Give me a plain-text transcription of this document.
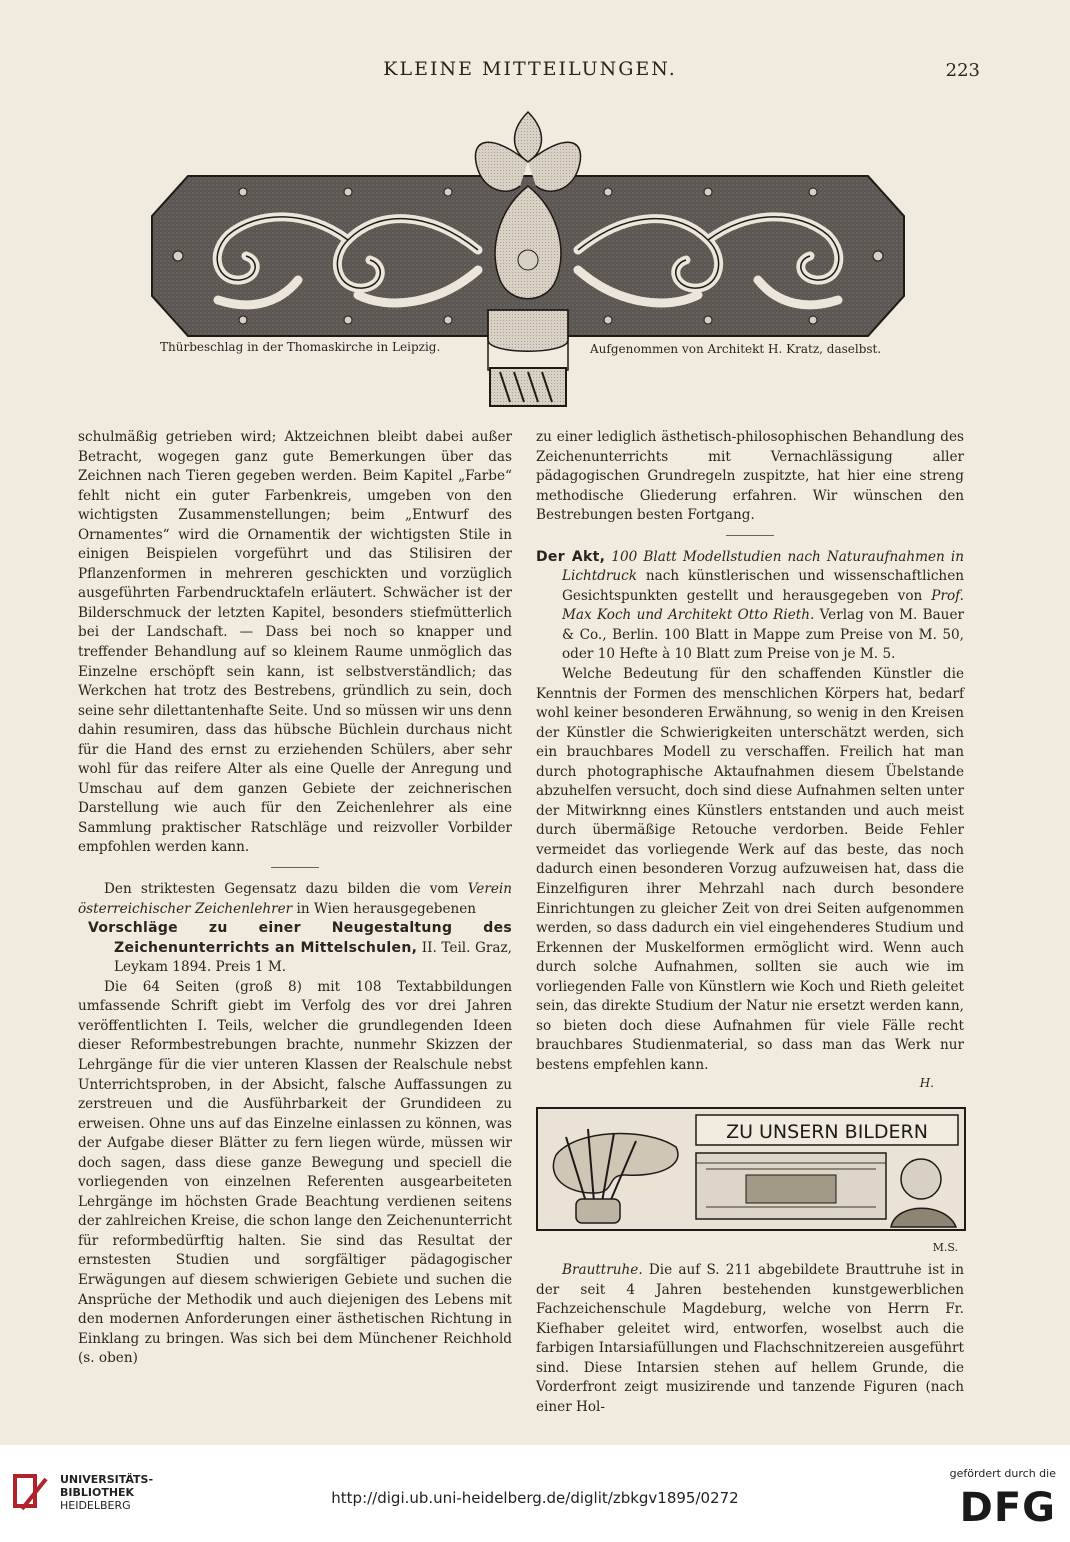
KLEINE MITTEILUNGEN.	223
Thürbeschlag in der Thomaskirche in Leipzig.	Aufgenommen von Architekt H. Kratz, daselbst.

schulmäßig getrieben wird; Aktzeichnen bleibt dabei außer Betracht, wogegen ganz gute Bemerkungen über das Zeichnen nach Tieren gegeben werden. Beim Kapitel „Farbe“ fehlt nicht ein guter Farbenkreis, umgeben von den wichtigsten Zusammenstellungen; beim „Entwurf des Ornamentes“ wird die Ornamentik der wichtigsten Stile in einigen Beispielen vorgeführt und das Stilisiren der Pflanzenformen in mehreren geschickten und vorzüglich ausgeführten Farbendrucktafeln erläutert. Schwächer ist der Bilderschmuck der letzten Kapitel, besonders stiefmütterlich bei der Landschaft. — Dass bei noch so knapper und treffender Behandlung auf so kleinem Raume unmöglich das Einzelne erschöpft sein kann, ist selbstverständlich; das Werkchen hat trotz des Bestrebens, gründlich zu sein, doch seine sehr dilettantenhafte Seite. Und so müssen wir uns denn dahin resumiren, dass das hübsche Büchlein durchaus nicht für die Hand des ernst zu erziehenden Schülers, aber sehr wohl für das reifere Alter als eine Quelle der Anregung und Umschau auf dem ganzen Gebiete der zeichnerischen Darstellung wie auch für den Zeichenlehrer als eine Sammlung praktischer Ratschläge und reizvoller Vorbilder empfohlen werden kann.

Den striktesten Gegensatz dazu bilden die vom Verein österreichischer Zeichenlehrer in Wien herausgegebenen

Vorschläge zu einer Neugestaltung des Zeichenunterrichts an Mittelschulen, II. Teil. Graz, Leykam 1894. Preis 1 M.

Die 64 Seiten (groß 8) mit 108 Textabbildungen umfassende Schrift giebt im Verfolg des vor drei Jahren veröffentlichten I. Teils, welcher die grundlegenden Ideen dieser Reformbestrebungen brachte, nunmehr Skizzen der Lehrgänge für die vier unteren Klassen der Realschule nebst Unterrichtsproben, in der Absicht, falsche Auffassungen zu zerstreuen und die Ausführbarkeit der Grundideen zu erweisen. Ohne uns auf das Einzelne einlassen zu können, was der Aufgabe dieser Blätter zu fern liegen würde, müssen wir doch sagen, dass diese ganze Bewegung und speciell die vorliegenden von einzelnen Referenten ausgearbeiteten Lehrgänge im höchsten Grade Beachtung verdienen seitens der zahlreichen Kreise, die schon lange den Zeichenunterricht für reformbedürftig halten. Sie sind das Resultat der ernstesten Studien und sorgfältiger pädagogischer Erwägungen auf diesem schwierigen Gebiete und suchen die Ansprüche der Methodik und auch diejenigen des Lebens mit den modernen Anforderungen einer ästhetischen Richtung in Einklang zu bringen. Was sich bei dem Münchener Reichhold (s. oben)

zu einer lediglich ästhetisch-philosophischen Behandlung des Zeichenunterrichts mit Vernachlässigung aller pädagogischen Grundregeln zuspitzte, hat hier eine streng methodische Gliederung erfahren. Wir wünschen den Bestrebungen besten Fortgang.

Der Akt, 100 Blatt Modellstudien nach Naturaufnahmen in Lichtdruck nach künstlerischen und wissenschaftlichen Gesichtspunkten gestellt und herausgegeben von Prof. Max Koch und Architekt Otto Rieth. Verlag von M. Bauer & Co., Berlin. 100 Blatt in Mappe zum Preise von M. 50, oder 10 Hefte à 10 Blatt zum Preise von je M. 5.

Welche Bedeutung für den schaffenden Künstler die Kenntnis der Formen des menschlichen Körpers hat, bedarf wohl keiner besonderen Erwähnung, so wenig in den Kreisen der Künstler die Schwierigkeiten unterschätzt werden, sich ein brauchbares Modell zu verschaffen. Freilich hat man durch photographische Aktaufnahmen diesem Übelstande abzuhelfen versucht, doch sind diese Aufnahmen selten unter der Mitwirknng eines Künstlers entstanden und auch meist durch übermäßige Retouche verdorben. Beide Fehler vermeidet das vorliegende Werk auf das beste, das noch dadurch einen besonderen Vorzug aufzuweisen hat, dass die Einzelfiguren ihrer Mehrzahl nach durch besondere Einrichtungen zu gleicher Zeit von drei Seiten aufgenommen werden, so dass dadurch ein viel eingehenderes Studium und Erkennen der Muskelformen ermöglicht wird. Wenn auch durch solche Aufnahmen, sollten sie auch wie im vorliegenden Falle von Künstlern wie Koch und Rieth geleitet sein, das direkte Studium der Natur nie ersetzt werden kann, so bieten doch diese Aufnahmen für viele Fälle recht brauchbares Studienmaterial, so dass man das Werk nur bestens empfehlen kann.

H.

ZU UNSERN BILDERN
M.S.

Brauttruhe. Die auf S. 211 abgebildete Brauttruhe ist in der seit 4 Jahren bestehenden kunstgewerblichen Fachzeichenschule Magdeburg, welche von Herrn Fr. Kiefhaber geleitet wird, entworfen, woselbst auch die farbigen Intarsiafüllungen und Flachschnitzereien ausgeführt sind. Diese Intarsien stehen auf hellem Grunde, die Vorderfront zeigt musizirende und tanzende Figuren (nach einer Hol-

UNIVERSITÄTS-
BIBLIOTHEK
HEIDELBERG	http://digi.ub.uni-heidelberg.de/diglit/zbkgv1895/0272
gefördert durch die
DFG
